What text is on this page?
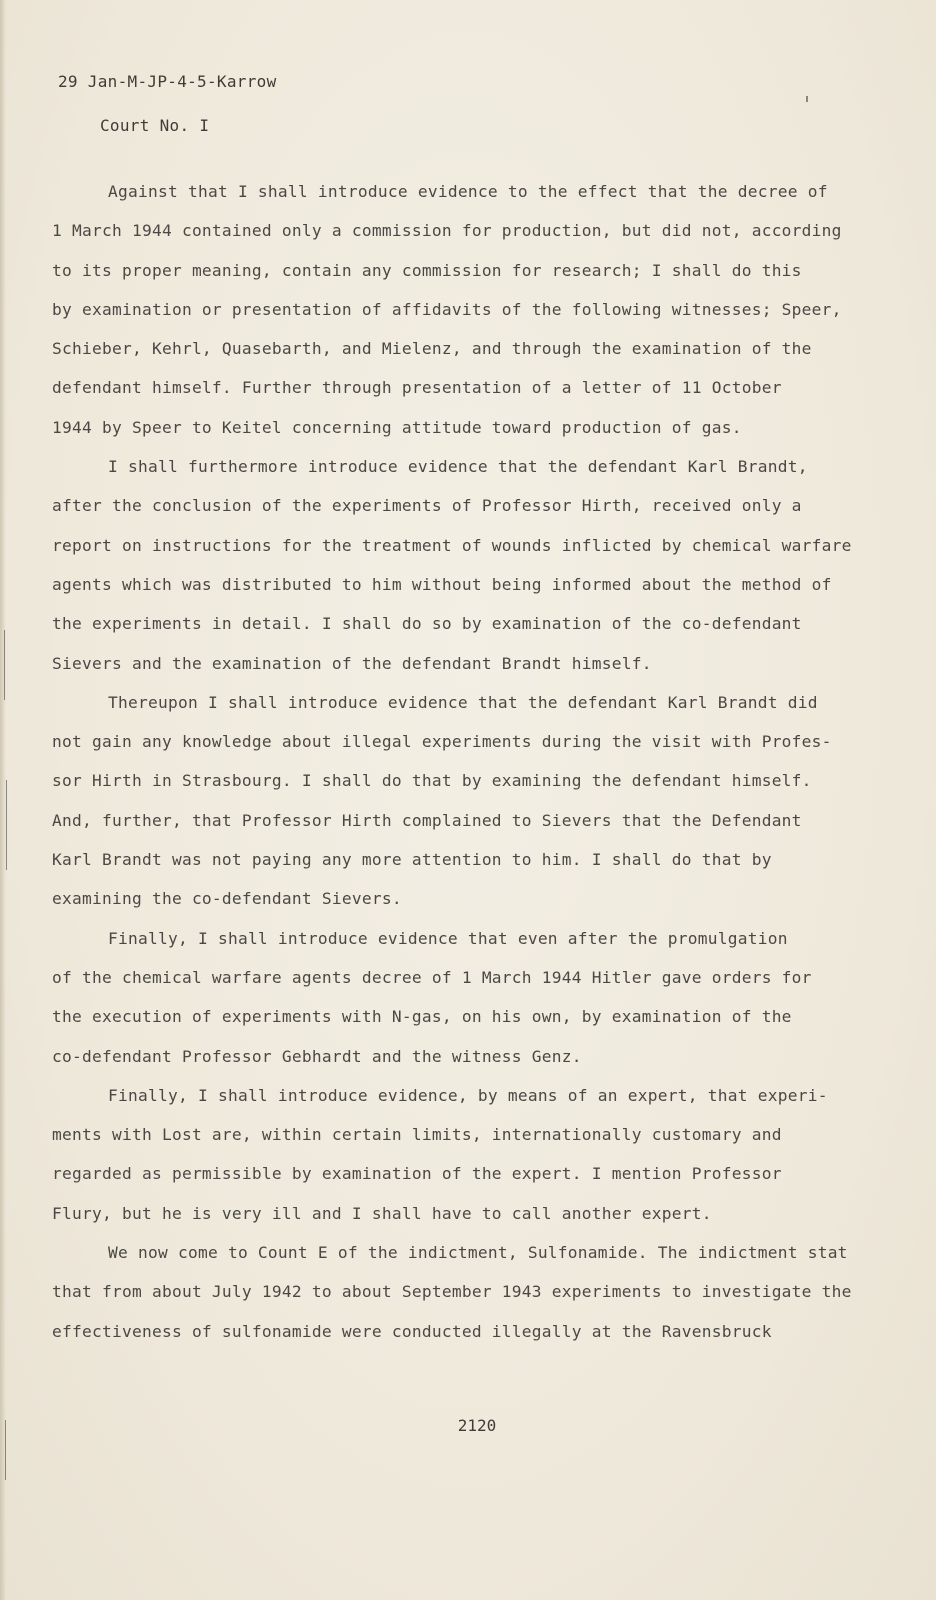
29 Jan-M-JP-4-5-Karrow
Court No. I
Against that I shall introduce evidence to the effect that the decree of
1 March 1944 contained only a commission for production, but did not, according
to its proper meaning, contain any commission for research; I shall do this
by examination or presentation of affidavits of the following witnesses; Speer,
Schieber, Kehrl, Quasebarth, and Mielenz, and through the examination of the
defendant himself. Further through presentation of a letter of 11 October
1944 by Speer to Keitel concerning attitude toward production of gas.
I shall furthermore introduce evidence that the defendant Karl Brandt,
after the conclusion of the experiments of Professor Hirth, received only a
report on instructions for the treatment of wounds inflicted by chemical warfare
agents which was distributed to him without being informed about the method of
the experiments in detail. I shall do so by examination of the co-defendant
Sievers and the examination of the defendant Brandt himself.
Thereupon I shall introduce evidence that the defendant Karl Brandt did
not gain any knowledge about illegal experiments during the visit with Profes-
sor Hirth in Strasbourg. I shall do that by examining the defendant himself.
And, further, that Professor Hirth complained to Sievers that the Defendant
Karl Brandt was not paying any more attention to him. I shall do that by
examining the co-defendant Sievers.
Finally, I shall introduce evidence that even after the promulgation
of the chemical warfare agents decree of 1 March 1944 Hitler gave orders for
the execution of experiments with N-gas, on his own, by examination of the
co-defendant Professor Gebhardt and the witness Genz.
Finally, I shall introduce evidence, by means of an expert, that experi-
ments with Lost are, within certain limits, internationally customary and
regarded as permissible by examination of the expert. I mention Professor
Flury, but he is very ill and I shall have to call another expert.
We now come to Count E of the indictment, Sulfonamide. The indictment stat
that from about July 1942 to about September 1943 experiments to investigate the
effectiveness of sulfonamide were conducted illegally at the Ravensbruck
2120
